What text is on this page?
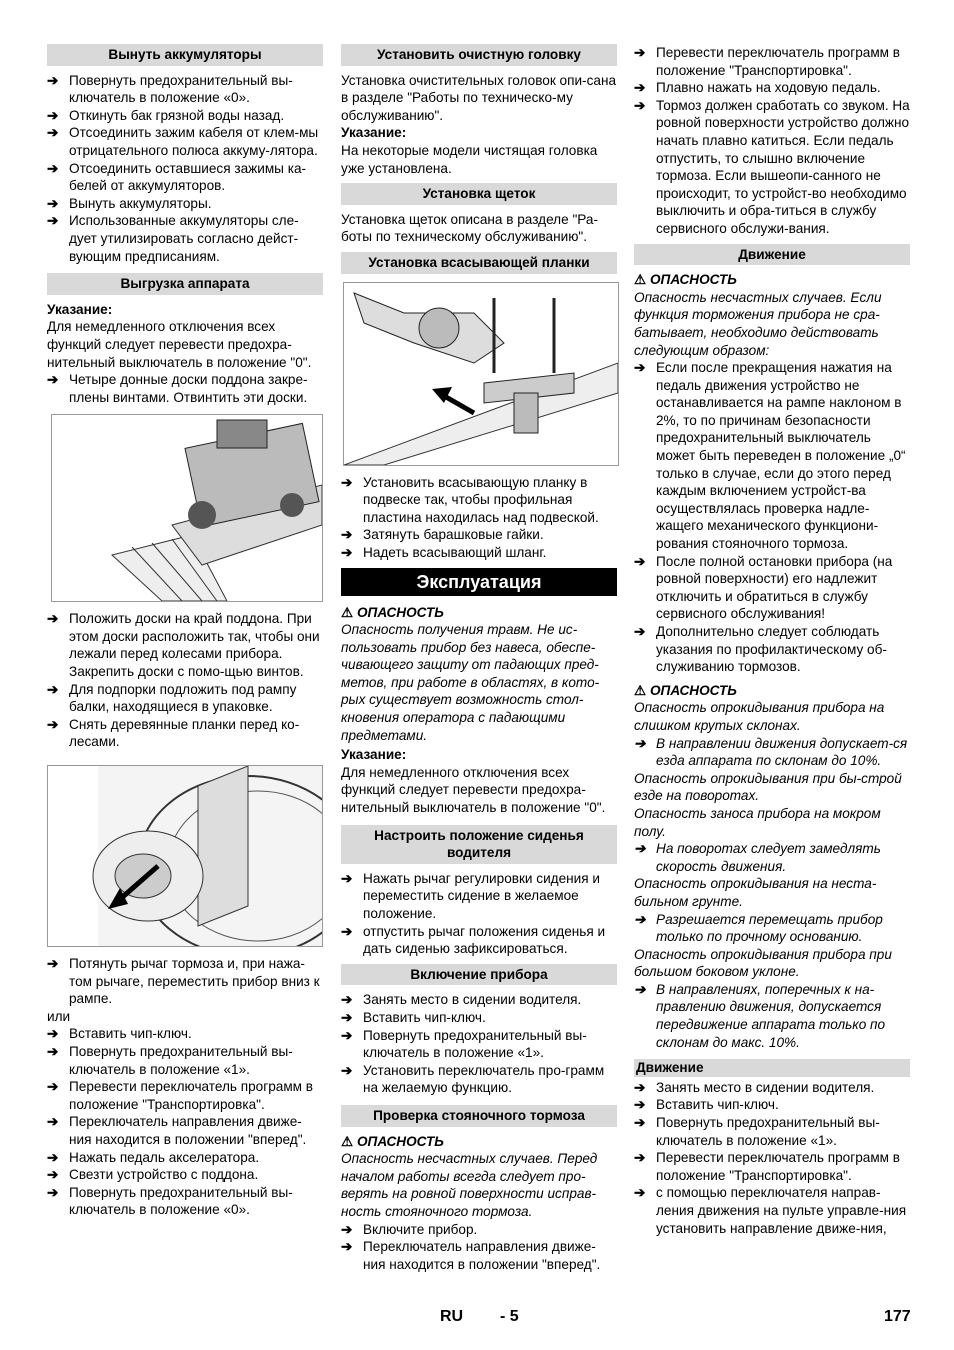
Вынуть аккумуляторы
➔ Повернуть предохранительный вы-ключатель в положение «0».
➔ Откинуть бак грязной воды назад.
➔ Отсоединить зажим кабеля от клем-мы отрицательного полюса аккуму-лятора.
➔ Отсоединить оставшиеся зажимы ка-белей от аккумуляторов.
➔ Вынуть аккумуляторы.
➔ Использованные аккумуляторы сле-дует утилизировать согласно дейст-вующим предписаниям.
Выгрузка аппарата
Указание:
Для немедленного отключения всех функций следует перевести предохра-нительный выключатель в положение "0".
➔ Четыре донные доски поддона закре-плены винтами. Отвинтить эти доски.
➔ Положить доски на край поддона. При этом доски расположить так, чтобы они лежали перед колесами прибора. Закрепить доски с помо-щью винтов.
➔ Для подпорки подложить под рампу балки, находящиеся в упаковке.
➔ Снять деревянные планки перед ко-лесами.
➔ Потянуть рычаг тормоза и, при нажа-том рычаге, переместить прибор вниз к рампе.
или
➔ Вставить чип-ключ.
➔ Повернуть предохранительный вы-ключатель в положение «1».
➔ Перевести переключатель программ в положение "Транспортировка".
➔ Переключатель направления движе-ния находится в положении "вперед".
➔ Нажать педаль акселератора.
➔ Свезти устройство с поддона.
➔ Повернуть предохранительный вы-ключатель в положение «0».
Установить очистную головку
Установка очистительных головок опи-сана в разделе "Работы по техническо-му обслуживанию".
Указание:
На некоторые модели чистящая головка уже установлена.
Установка щеток
Установка щеток описана в разделе "Ра-боты по техническому обслуживанию".
Установка всасывающей планки
➔ Установить всасывающую планку в подвеске так, чтобы профильная пластина находилась над подвеской.
➔ Затянуть барашковые гайки.
➔ Надеть всасывающий шланг.
Эксплуатация
⚠ ОПАСНОСТЬ
Опасность получения травм. Не ис-пользовать прибор без навеса, обеспе-чивающего защиту от падающих пред-метов, при работе в областях, в кото-рых существует возможность стол-кновения оператора с падающими предметами.
Указание:
Для немедленного отключения всех функций следует перевести предохра-нительный выключатель в положение "0".
Настроить положение сиденья водителя
➔ Нажать рычаг регулировки сидения и переместить сидение в желаемое положение.
➔ отпустить рычаг положения сиденья и дать сиденью зафиксироваться.
Включение прибора
➔ Занять место в сидении водителя.
➔ Вставить чип-ключ.
➔ Повернуть предохранительный вы-ключатель в положение «1».
➔ Установить переключатель про-грамм на желаемую функцию.
Проверка стояночного тормоза
⚠ ОПАСНОСТЬ
Опасность несчастных случаев. Перед началом работы всегда следует про-верять на ровной поверхности исправ-ность стояночного тормоза.
➔ Включите прибор.
➔ Переключатель направления движе-ния находится в положении "вперед".
➔ Перевести переключатель программ в положение "Транспортировка".
➔ Плавно нажать на ходовую педаль.
➔ Тормоз должен сработать со звуком. На ровной поверхности устройство должно начать плавно катиться. Если педаль отпустить, то слышно включение тормоза. Если вышеопи-санного не происходит, то устройст-во необходимо выключить и обра-титься в службу сервисного обслужи-вания.
Движение
⚠ ОПАСНОСТЬ
Опасность несчастных случаев. Если функция торможения прибора не сра-батывает, необходимо действовать следующим образом:
➔ Если после прекращения нажатия на педаль движения устройство не останавливается на рампе наклоном в 2%, то по причинам безопасности предохранительный выключатель может быть переведен в положение „0“ только в случае, если до этого перед каждым включением устройст-ва осуществлялась проверка надле-жащего механического функциони-рования стояночного тормоза.
➔ После полной остановки прибора (на ровной поверхности) его надлежит отключить и обратиться в службу сервисного обслуживания!
➔ Дополнительно следует соблюдать указания по профилактическому об-служиванию тормозов.
⚠ ОПАСНОСТЬ
Опасность опрокидывания прибора на слишком крутых склонах.
➔ В направлении движения допускает-ся езда аппарата по склонам до 10%.
Опасность опрокидывания при бы-строй езде на поворотах.
Опасность заноса прибора на мокром полу.
➔ На поворотах следует замедлять скорость движения.
Опасность опрокидывания на неста-бильном грунте.
➔ Разрешается перемещать прибор только по прочному основанию.
Опасность опрокидывания прибора при большом боковом уклоне.
➔ В направлениях, поперечных к на-правлению движения, допускается передвижение аппарата только по склонам до макс. 10%.
Движение
➔ Занять место в сидении водителя.
➔ Вставить чип-ключ.
➔ Повернуть предохранительный вы-ключатель в положение «1».
➔ Перевести переключатель программ в положение "Транспортировка".
➔ с помощью переключателя направ-ления движения на пульте управле-ния установить направление движе-ния,
RU - 5	177
